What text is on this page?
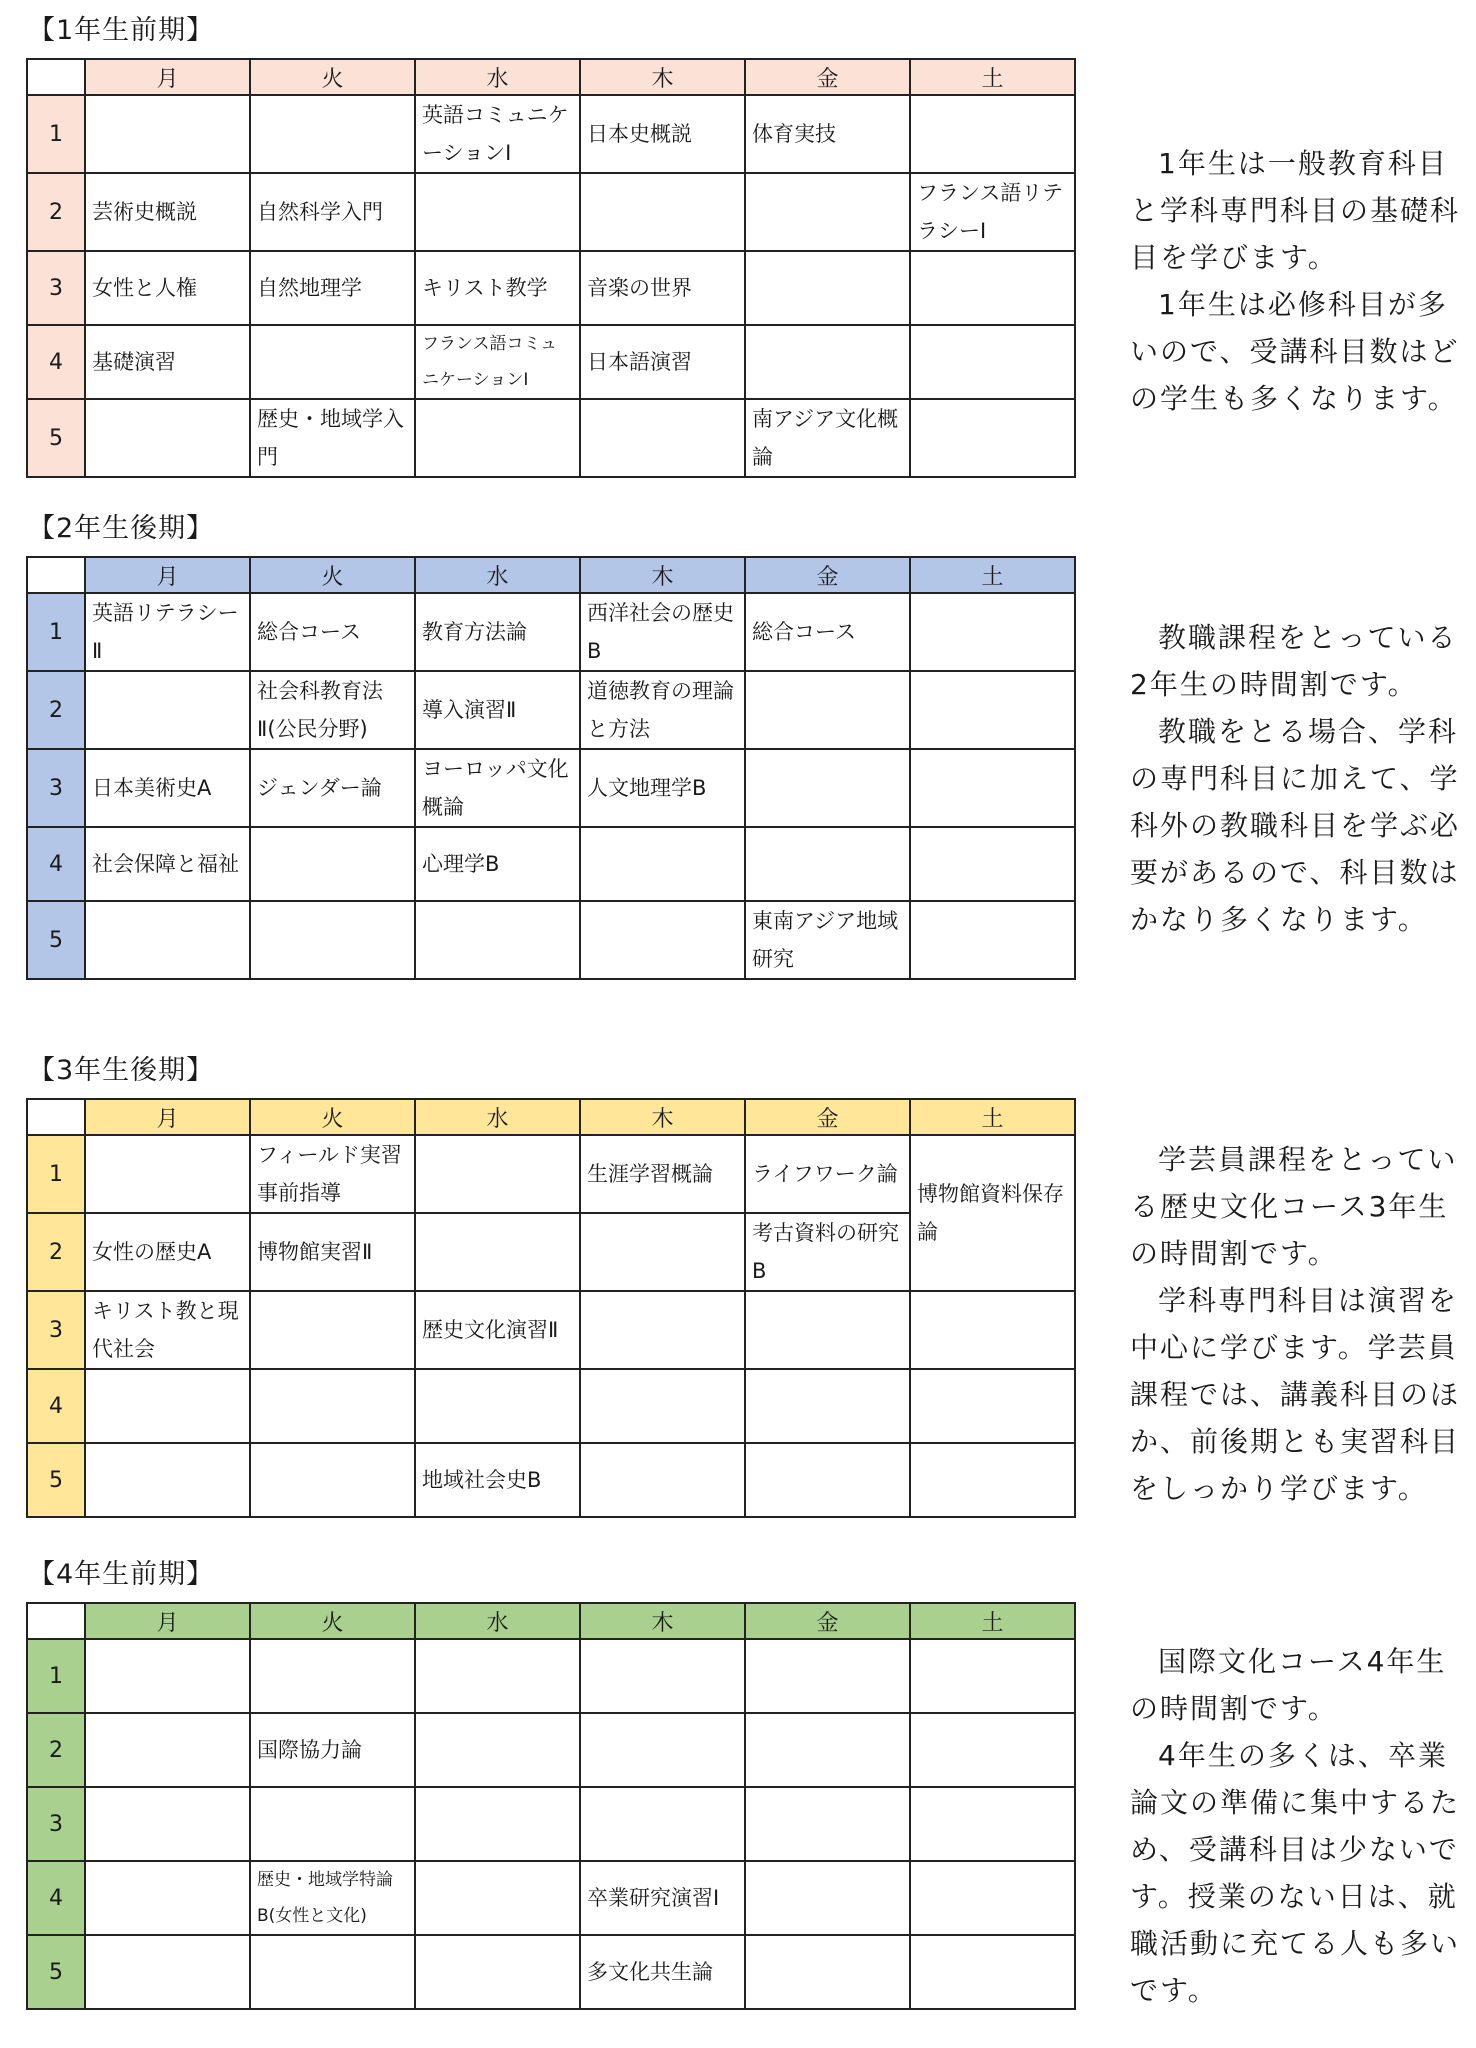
【1年生前期】
	月	火	水	木	金	土
1			英語コミュニケーションⅠ	日本史概説	体育実技	
2	芸術史概説	自然科学入門				フランス語リテラシーⅠ
3	女性と人権	自然地理学	キリスト教学	音楽の世界		
4	基礎演習		フランス語コミュニケーションⅠ	日本語演習		
5		歴史・地域学入門			南アジア文化概論	

1年生は一般教育科目と学科専門科目の基礎科目を学びます。

1年生は必修科目が多いので、受講科目数はどの学生も多くなります。

【2年生後期】
	月	火	水	木	金	土
1	英語リテラシーⅡ	総合コース	教育方法論	西洋社会の歴史B	総合コース	
2		社会科教育法Ⅱ(公民分野)	導入演習Ⅱ	道徳教育の理論と方法		
3	日本美術史A	ジェンダー論	ヨーロッパ文化概論	人文地理学B		
4	社会保障と福祉		心理学B			
5					東南アジア地域研究	

教職課程をとっている2年生の時間割です。

教職をとる場合、学科の専門科目に加えて、学科外の教職科目を学ぶ必要があるので、科目数はかなり多くなります。

【3年生後期】
	月	火	水	木	金	土
1		フィールド実習事前指導		生涯学習概論	ライフワーク論	博物館資料保存論
2	女性の歴史A	博物館実習Ⅱ			考古資料の研究B	
3	キリスト教と現代社会		歴史文化演習Ⅱ			
4						
5			地域社会史B			

学芸員課程をとっている歴史文化コース3年生の時間割です。

学科専門科目は演習を中心に学びます。学芸員課程では、講義科目のほか、前後期とも実習科目をしっかり学びます。

【4年生前期】
	月	火	水	木	金	土
1						
2		国際協力論				
3						
4		歴史・地域学特論B(女性と文化)		卒業研究演習Ⅰ		
5				多文化共生論		

国際文化コース4年生の時間割です。

4年生の多くは、卒業論文の準備に集中するため、受講科目は少ないです。授業のない日は、就職活動に充てる人も多いです。
